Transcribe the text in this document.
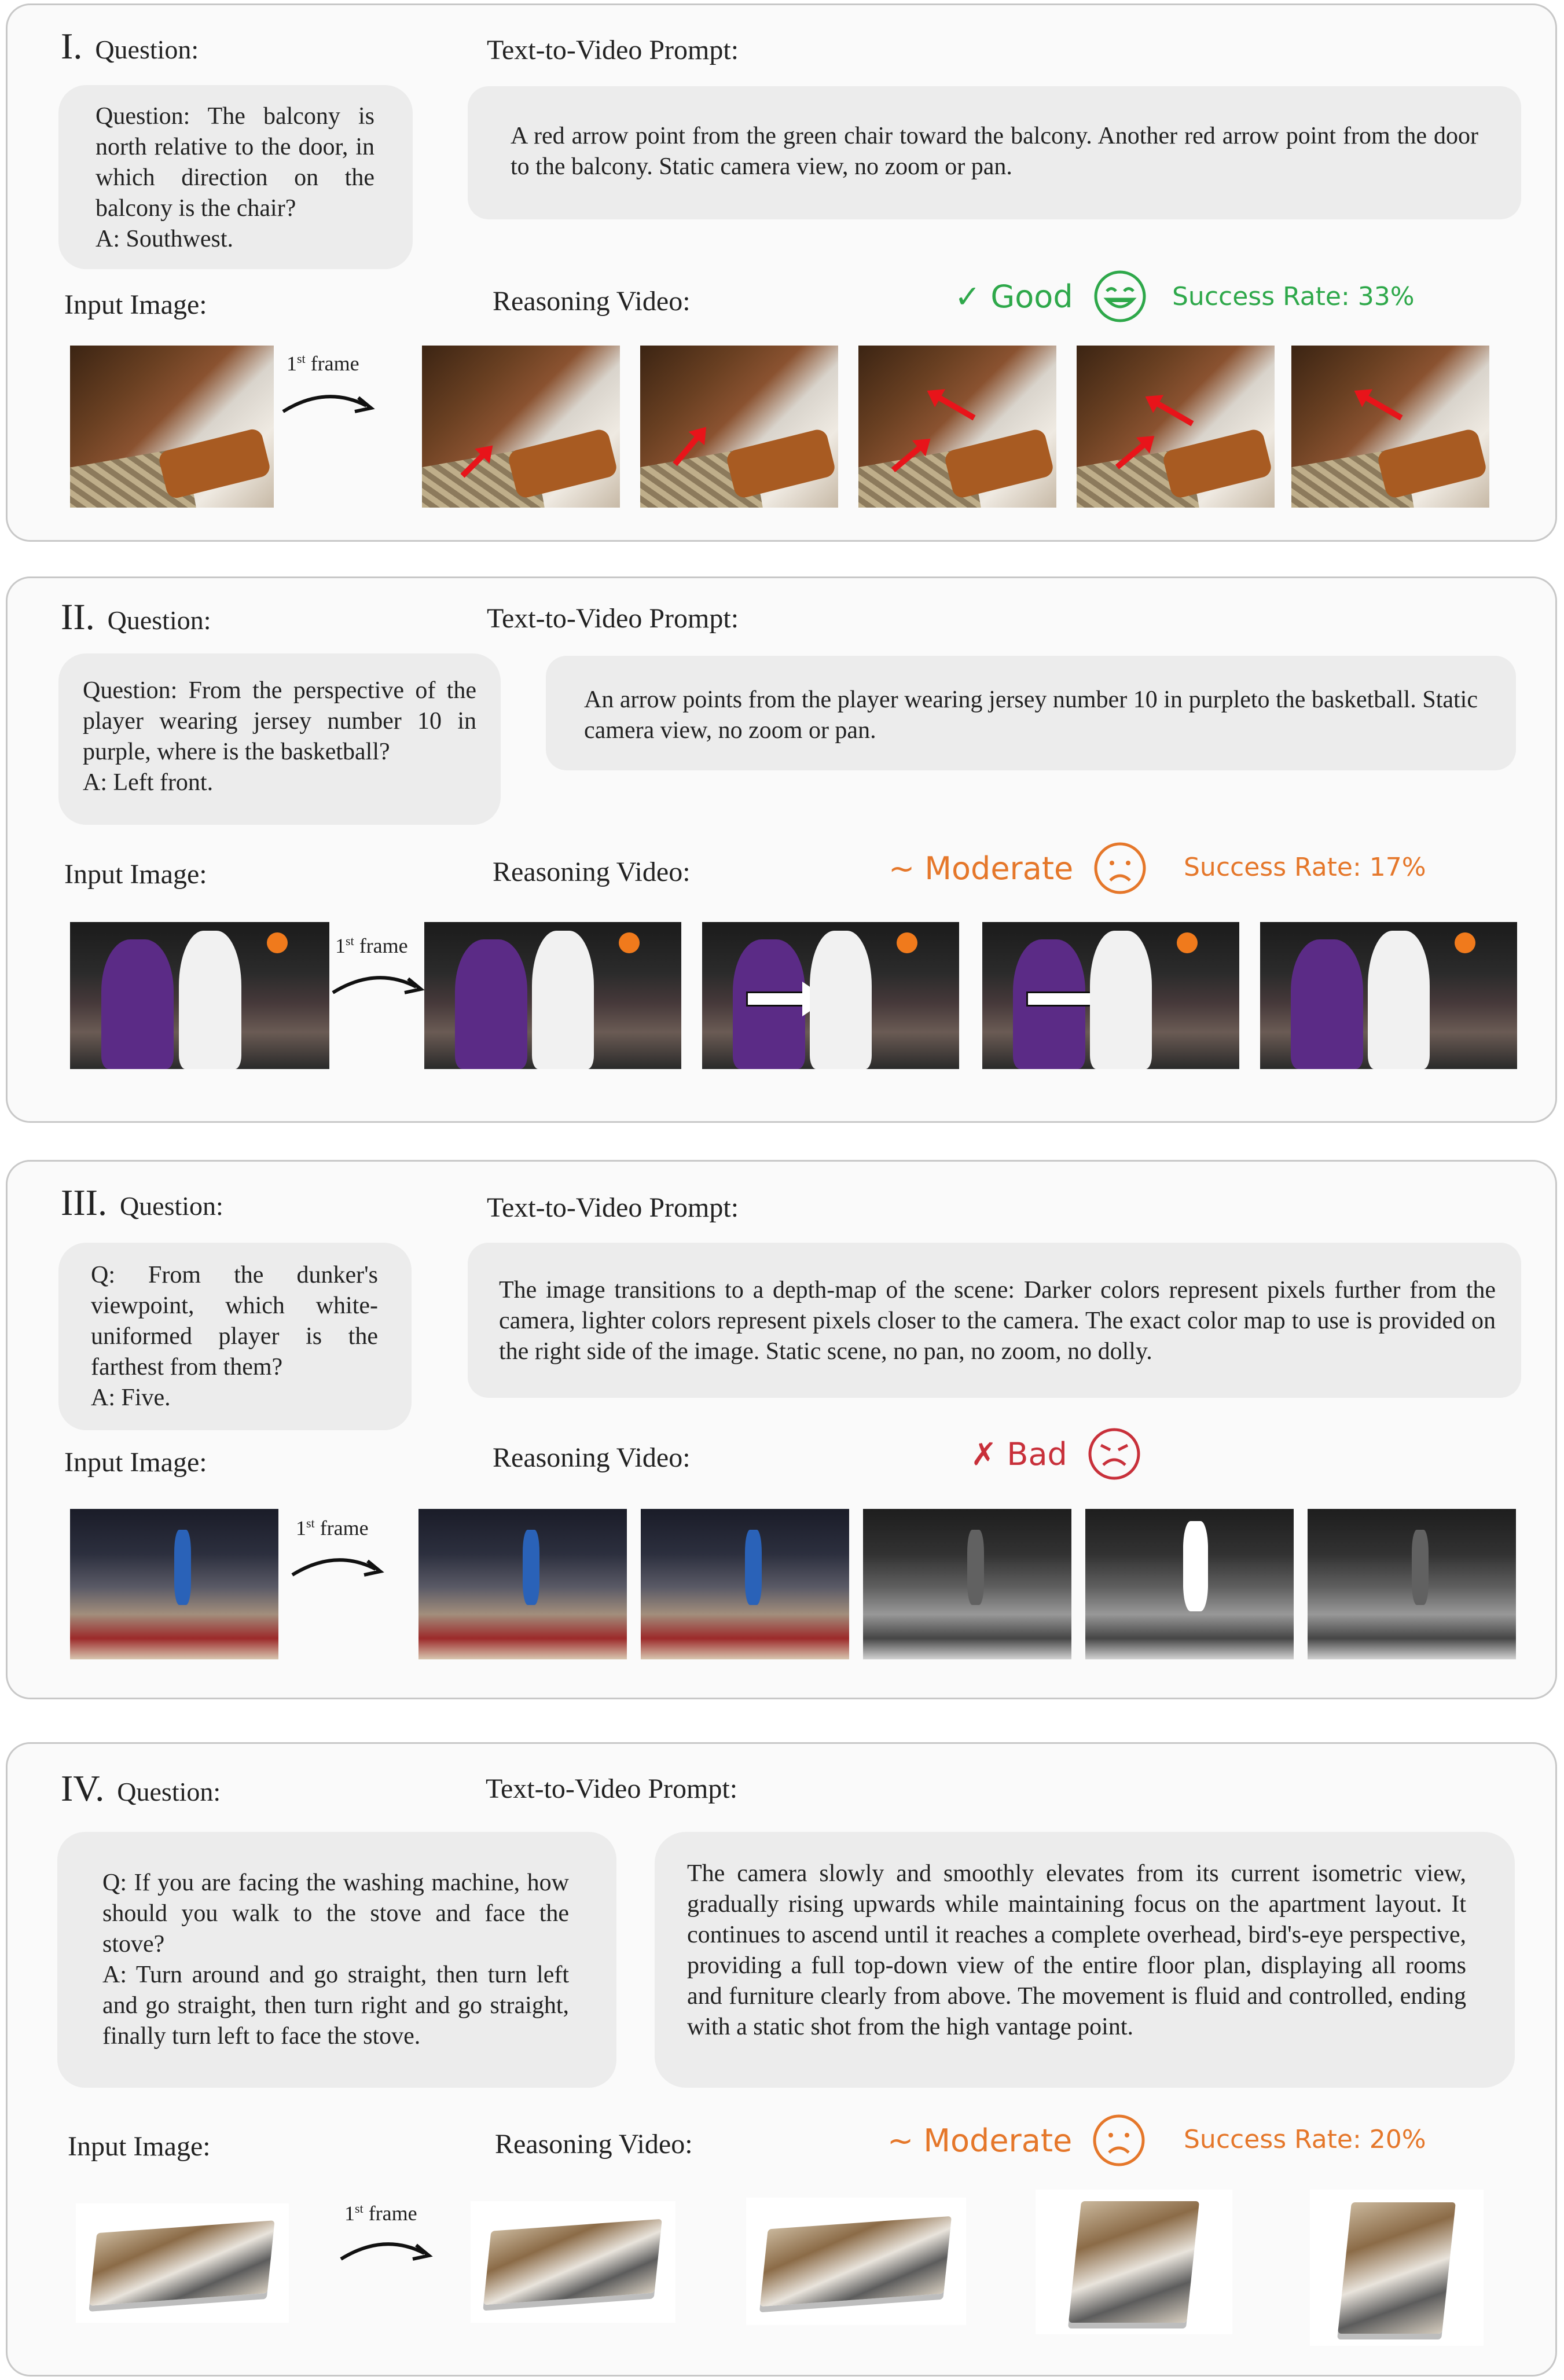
I. Question:	Text-to-Video Prompt:
Question: The balcony is north relative to the door, in which direction on the balcony is the chair?
A: Southwest.
A red arrow point from the green chair toward the balcony. Another red arrow point from the door to the balcony. Static camera view, no zoom or pan.
Input Image:	Reasoning Video:	✓ Good	Success Rate: 33%
1st frame
II. Question:	Text-to-Video Prompt:
Question: From the perspective of the player wearing jersey number 10 in purple, where is the basketball?
A: Left front.
An arrow points from the player wearing jersey number 10 in purpleto the basketball. Static camera view, no zoom or pan.
Input Image:	Reasoning Video:	~ Moderate	Success Rate: 17%
1st frame
III. Question:	Text-to-Video Prompt:
Q: From the dunker's viewpoint, which white-uniformed player is the farthest from them?
A: Five.
The image transitions to a depth-map of the scene: Darker colors represent pixels further from the camera, lighter colors represent pixels closer to the camera. The exact color map to use is provided on the right side of the image. Static scene, no pan, no zoom, no dolly.
Input Image:	Reasoning Video:	✗ Bad
1st frame
IV. Question:	Text-to-Video Prompt:
Q: If you are facing the washing machine, how should you walk to the stove and face the stove?
A: Turn around and go straight, then turn left and go straight, then turn right and go straight, finally turn left to face the stove.
The camera slowly and smoothly elevates from its current isometric view, gradually rising upwards while maintaining focus on the apartment layout. It continues to ascend until it reaches a complete overhead, bird's-eye perspective, providing a full top-down view of the entire floor plan, displaying all rooms and furniture clearly from above. The movement is fluid and controlled, ending with a static shot from the high vantage point.
Input Image:	Reasoning Video:	~ Moderate	Success Rate: 20%
1st frame
